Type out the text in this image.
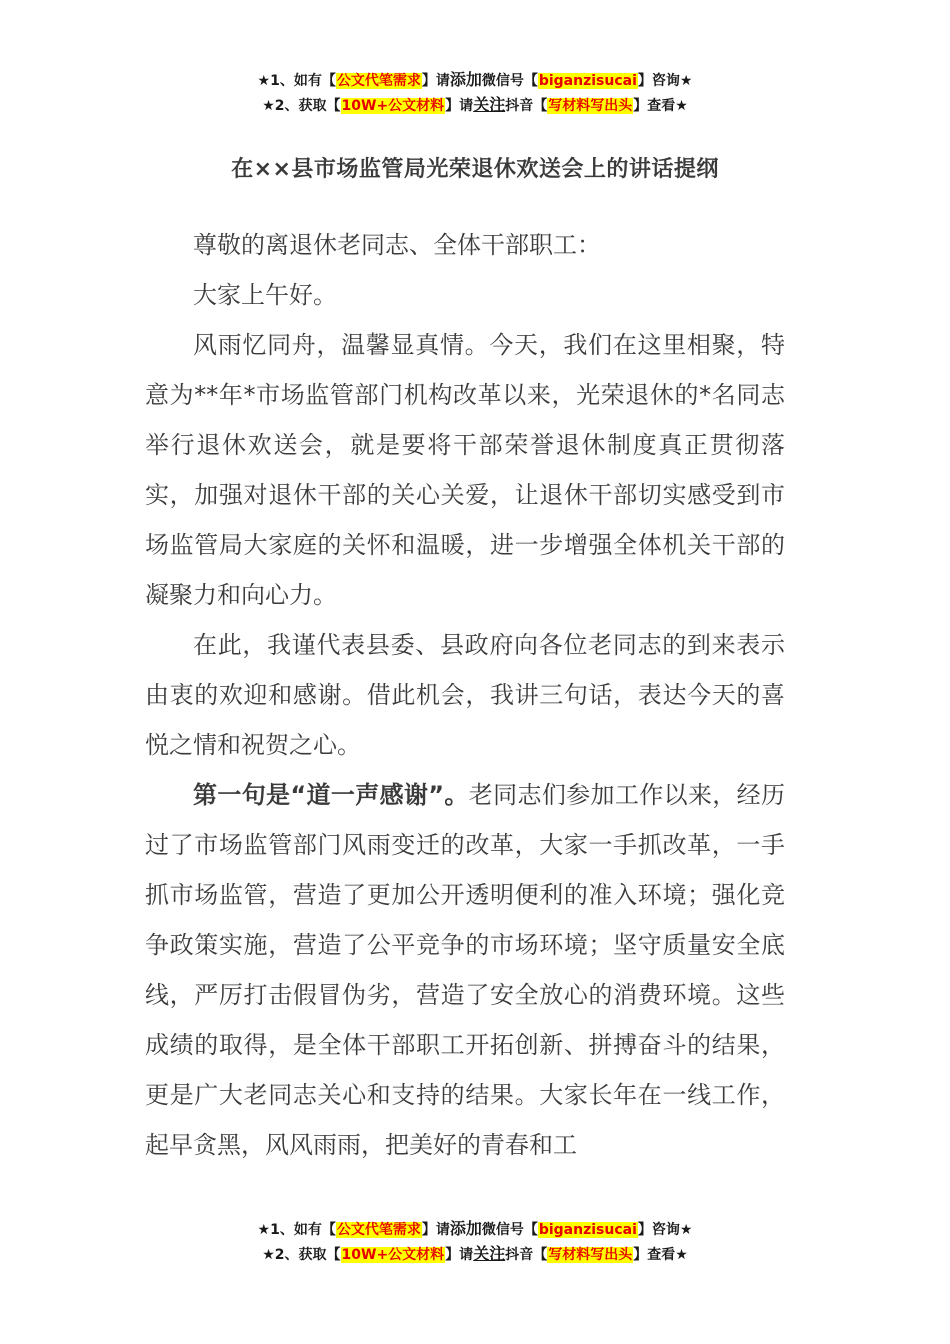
★1、如有【公文代笔需求】请添加微信号【biganzisucai】咨询★
★2、获取【10W+公文材料】请关注抖音【写材料写出头】查看★
在××县市场监管局光荣退休欢送会上的讲话提纲

尊敬的离退休老同志、全体干部职工：

大家上午好。

风雨忆同舟，温馨显真情。今天，我们在这里相聚，特意为**年*市场监管部门机构改革以来，光荣退休的*名同志举行退休欢送会，就是要将干部荣誉退休制度真正贯彻落实，加强对退休干部的关心关爱，让退休干部切实感受到市场监管局大家庭的关怀和温暖，进一步增强全体机关干部的凝聚力和向心力。

在此，我谨代表县委、县政府向各位老同志的到来表示由衷的欢迎和感谢。借此机会，我讲三句话，表达今天的喜悦之情和祝贺之心。

第一句是“道一声感谢”。老同志们参加工作以来，经历过了市场监管部门风雨变迁的改革，大家一手抓改革，一手抓市场监管，营造了更加公开透明便利的准入环境；强化竞争政策实施，营造了公平竞争的市场环境；坚守质量安全底线，严厉打击假冒伪劣，营造了安全放心的消费环境。这些成绩的取得，是全体干部职工开拓创新、拼搏奋斗的结果，更是广大老同志关心和支持的结果。大家长年在一线工作，起早贪黑，风风雨雨，把美好的青春和工

★1、如有【公文代笔需求】请添加微信号【biganzisucai】咨询★
★2、获取【10W+公文材料】请关注抖音【写材料写出头】查看★
